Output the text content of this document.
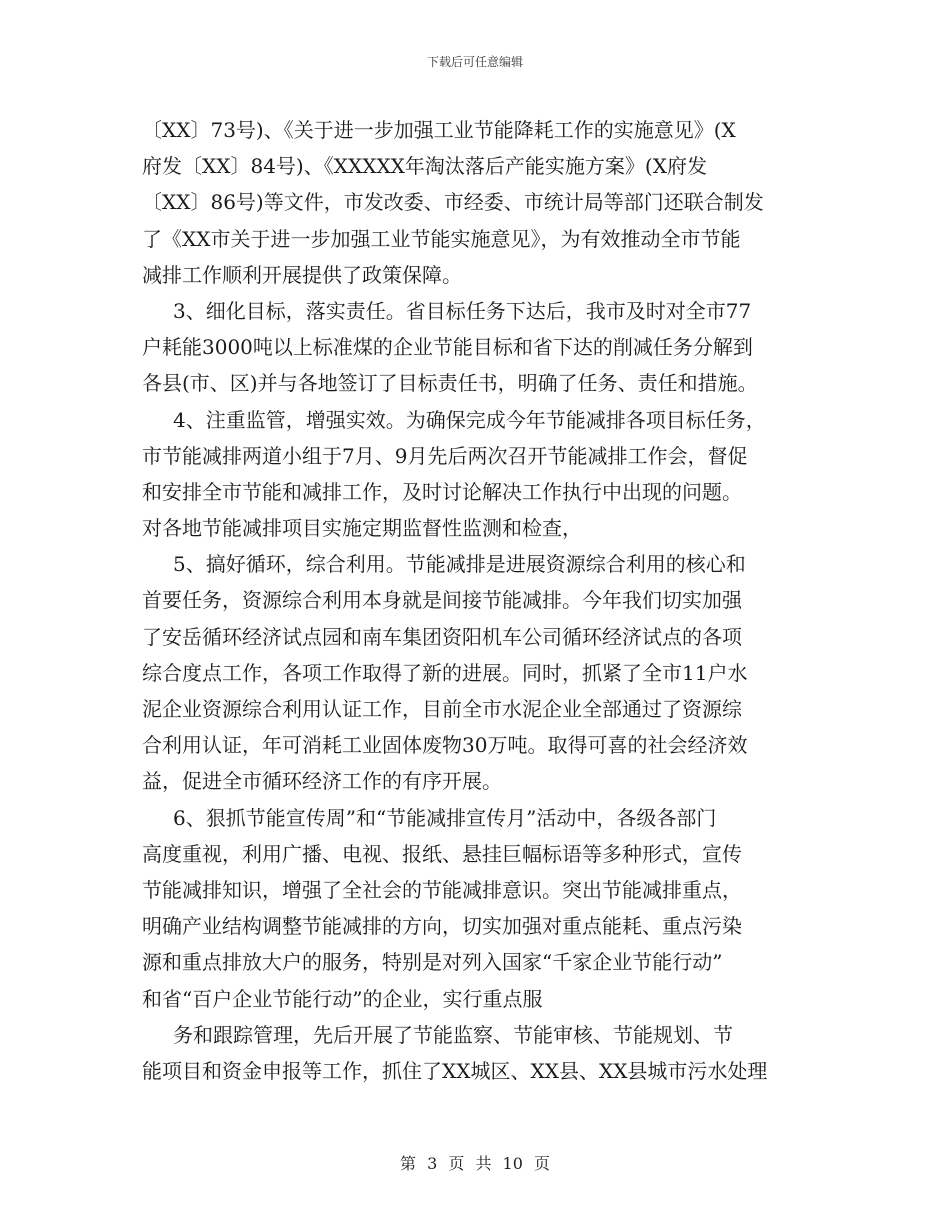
下载后可任意编辑
〔XX〕73号)、《关于进一步加强工业节能降耗工作的实施意见》(X
府发〔XX〕84号)、《XXXXX年淘汰落后产能实施方案》(X府发
〔XX〕86号)等文件，市发改委、市经委、市统计局等部门还联合制发
了《XX市关于进一步加强工业节能实施意见》，为有效推动全市节能
减排工作顺利开展提供了政策保障。
3、细化目标，落实责任。省目标任务下达后，我市及时对全市77
户耗能3000吨以上标准煤的企业节能目标和省下达的削减任务分解到
各县(市、区)并与各地签订了目标责任书，明确了任务、责任和措施。
4、注重监管，增强实效。为确保完成今年节能减排各项目标任务，
市节能减排两道小组于7月、9月先后两次召开节能减排工作会，督促
和安排全市节能和减排工作，及时讨论解决工作执行中出现的问题。
对各地节能减排项目实施定期监督性监测和检查，
5、搞好循环，综合利用。节能减排是进展资源综合利用的核心和
首要任务，资源综合利用本身就是间接节能减排。今年我们切实加强
了安岳循环经济试点园和南车集团资阳机车公司循环经济试点的各项
综合度点工作，各项工作取得了新的进展。同时，抓紧了全市11户水
泥企业资源综合利用认证工作，目前全市水泥企业全部通过了资源综
合利用认证，年可消耗工业固体废物30万吨。取得可喜的社会经济效
益，促进全市循环经济工作的有序开展。
6、狠抓节能宣传周”和“节能减排宣传月”活动中，各级各部门
高度重视，利用广播、电视、报纸、悬挂巨幅标语等多种形式，宣传
节能减排知识，增强了全社会的节能减排意识。突出节能减排重点，
明确产业结构调整节能减排的方向，切实加强对重点能耗、重点污染
源和重点排放大户的服务，特别是对列入国家“千家企业节能行动”
和省“百户企业节能行动”的企业，实行重点服
务和跟踪管理，先后开展了节能监察、节能审核、节能规划、节
能项目和资金申报等工作，抓住了XX城区、XX县、XX县城市污水处理
第 3 页 共 10 页
